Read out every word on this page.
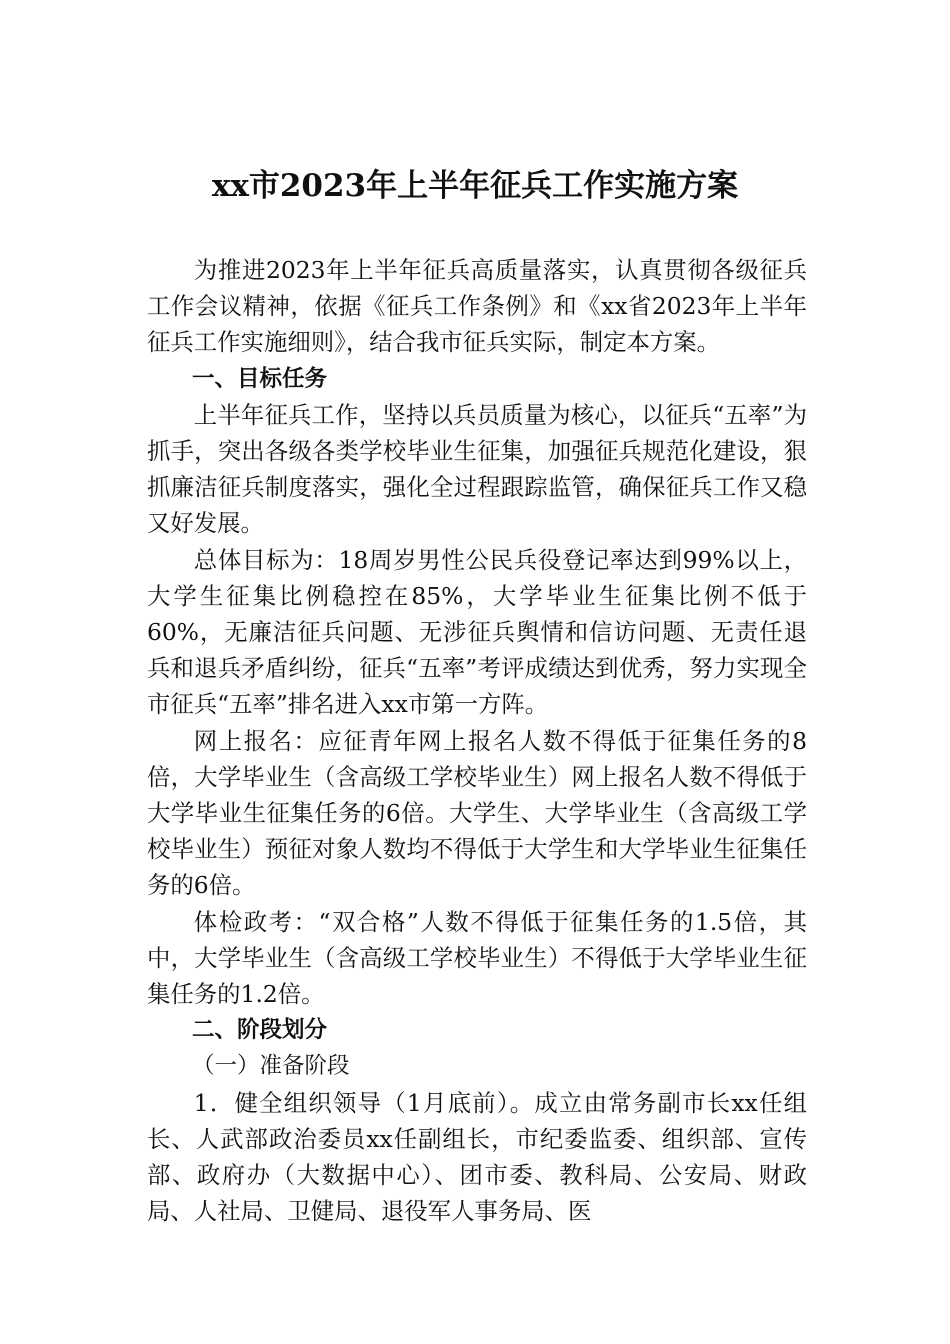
xx市2023年上半年征兵工作实施方案

为推进2023年上半年征兵高质量落实，认真贯彻各级征兵工作会议精神，依据《征兵工作条例》和《xx省2023年上半年征兵工作实施细则》，结合我市征兵实际，制定本方案。

一、目标任务

上半年征兵工作，坚持以兵员质量为核心，以征兵“五率”为抓手，突出各级各类学校毕业生征集，加强征兵规范化建设，狠抓廉洁征兵制度落实，强化全过程跟踪监管，确保征兵工作又稳又好发展。

总体目标为：18周岁男性公民兵役登记率达到99%以上，大学生征集比例稳控在85%，大学毕业生征集比例不低于60%，无廉洁征兵问题、无涉征兵舆情和信访问题、无责任退兵和退兵矛盾纠纷，征兵“五率”考评成绩达到优秀，努力实现全市征兵“五率”排名进入xx市第一方阵。

网上报名：应征青年网上报名人数不得低于征集任务的8倍，大学毕业生（含高级工学校毕业生）网上报名人数不得低于大学毕业生征集任务的6倍。大学生、大学毕业生（含高级工学校毕业生）预征对象人数均不得低于大学生和大学毕业生征集任务的6倍。

体检政考：“双合格”人数不得低于征集任务的1.5倍，其中，大学毕业生（含高级工学校毕业生）不得低于大学毕业生征集任务的1.2倍。

二、阶段划分

（一）准备阶段

1．健全组织领导（1月底前）。成立由常务副市长xx任组长、人武部政治委员xx任副组长，市纪委监委、组织部、宣传部、政府办（大数据中心）、团市委、教科局、公安局、财政局、人社局、卫健局、退役军人事务局、医
